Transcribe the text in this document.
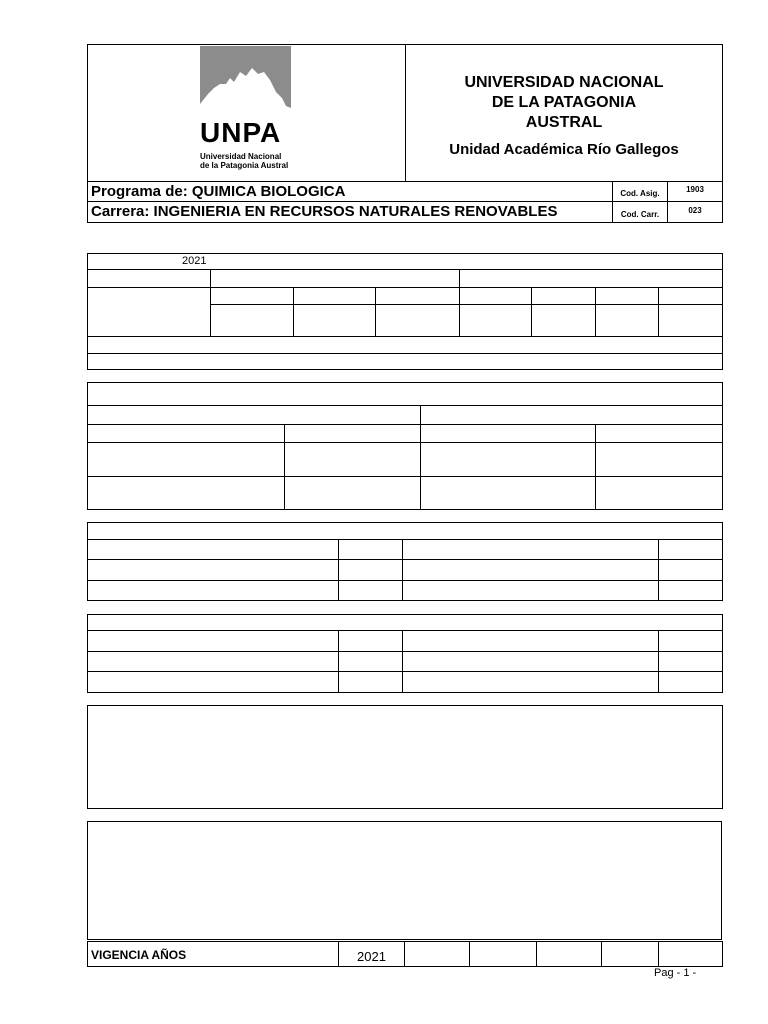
UNPA
Universidad Nacional
de la Patagonia Austral
UNIVERSIDAD NACIONAL
DE LA PATAGONIA
AUSTRAL
Unidad Académica Río Gallegos
Programa de: QUIMICA BIOLOGICA	Cod. Asig.	1903
Carrera: INGENIERIA EN RECURSOS NATURALES RENOVABLES	Cod. Carr.	023
2021
VIGENCIA AÑOS	2021
Pag - 1 -
